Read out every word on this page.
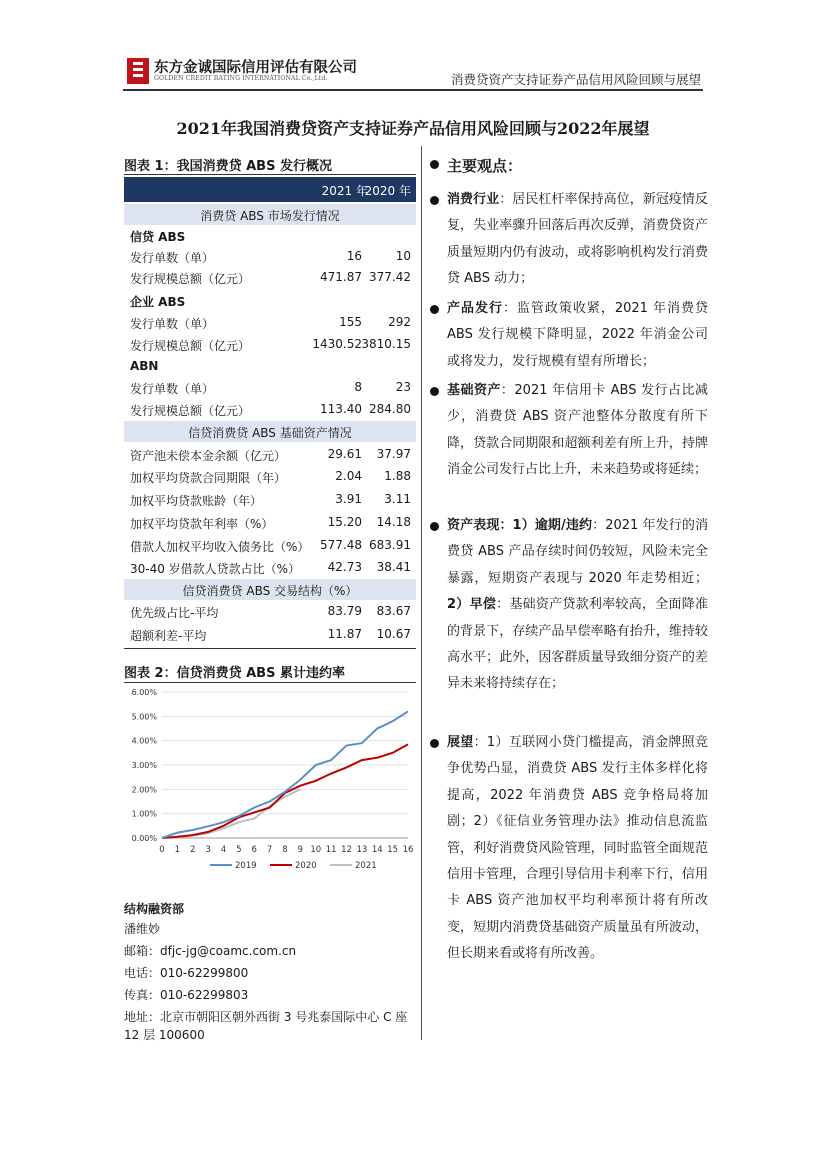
东方金诚国际信用评估有限公司
GOLDEN CREDIT RATING INTERNATIONAL Co.,Ltd.	消费贷资产支持证券产品信用风险回顾与展望
2021年我国消费贷资产支持证券产品信用风险回顾与2022年展望
图表 1：我国消费贷 ABS 发行概况
2021 年
2020 年
消费贷 ABS 市场发行情况
信贷 ABS
发行单数（单）	16	10
发行规模总额（亿元）	471.87 377.42
企业 ABS
发行单数（单）	155 292
发行规模总额（亿元）	1430.52 3810.15
ABN
发行单数（单）	8	23
发行规模总额（亿元）	113.40 284.80
信贷消费贷 ABS 基础资产情况
资产池未偿本金余额（亿元）	29.61 37.97
加权平均贷款合同期限（年）	2.04 1.88
加权平均贷款账龄（年）	3.91 3.11
加权平均贷款年利率（%）	15.20 14.18
借款人加权平均收入债务比（%） 577.48 683.91
30-40 岁借款人贷款占比（%） 42.73 38.41
信贷消费贷 ABS 交易结构（%）
优先级占比-平均	83.79 83.67
超额利差-平均	11.87 10.67
图表 2：信贷消费贷 ABS 累计违约率
0.00%
1.00%
2.00%
3.00%
4.00%
5.00%
6.00%
0 1 2 3 4 5 6 7 8 9 10 11 12 13 14 15 16
2019	2020	2021
结构融资部
潘维妙
邮箱：dfjc-jg@coamc.com.cn
电话：010-62299800
传真：010-62299803
地址：北京市朝阳区朝外西街 3 号兆泰国际中心 C 座
12 层 100600
主要观点：
消费行业：居民杠杆率保持高位，新冠疫情反复，失业率骤升回落后再次反弹，消费贷资产质量短期内仍有波动，或将影响机构发行消费贷 ABS 动力；
产品发行：监管政策收紧，2021 年消费贷 ABS 发行规模下降明显，2022 年消金公司或将发力，发行规模有望有所增长；
基础资产：2021 年信用卡 ABS 发行占比减少，消费贷 ABS 资产池整体分散度有所下降，贷款合同期限和超额利差有所上升，持牌消金公司发行占比上升，未来趋势或将延续；
资产表现：1）逾期/违约：2021 年发行的消费贷 ABS 产品存续时间仍较短，风险未完全暴露，短期资产表现与 2020 年走势相近；2）早偿：基础资产贷款利率较高，全面降准的背景下，存续产品早偿率略有抬升，维持较高水平；此外，因客群质量导致细分资产的差异未来将持续存在；
展望：1）互联网小贷门槛提高，消金牌照竞争优势凸显，消费贷 ABS 发行主体多样化将提高，2022 年消费贷 ABS 竞争格局将加剧；2）《征信业务管理办法》推动信息流监管，利好消费贷风险管理，同时监管全面规范信用卡管理，合理引导信用卡利率下行，信用卡 ABS 资产池加权平均利率预计将有所改变，短期内消费贷基础资产质量虽有所波动，但长期来看或将有所改善。
